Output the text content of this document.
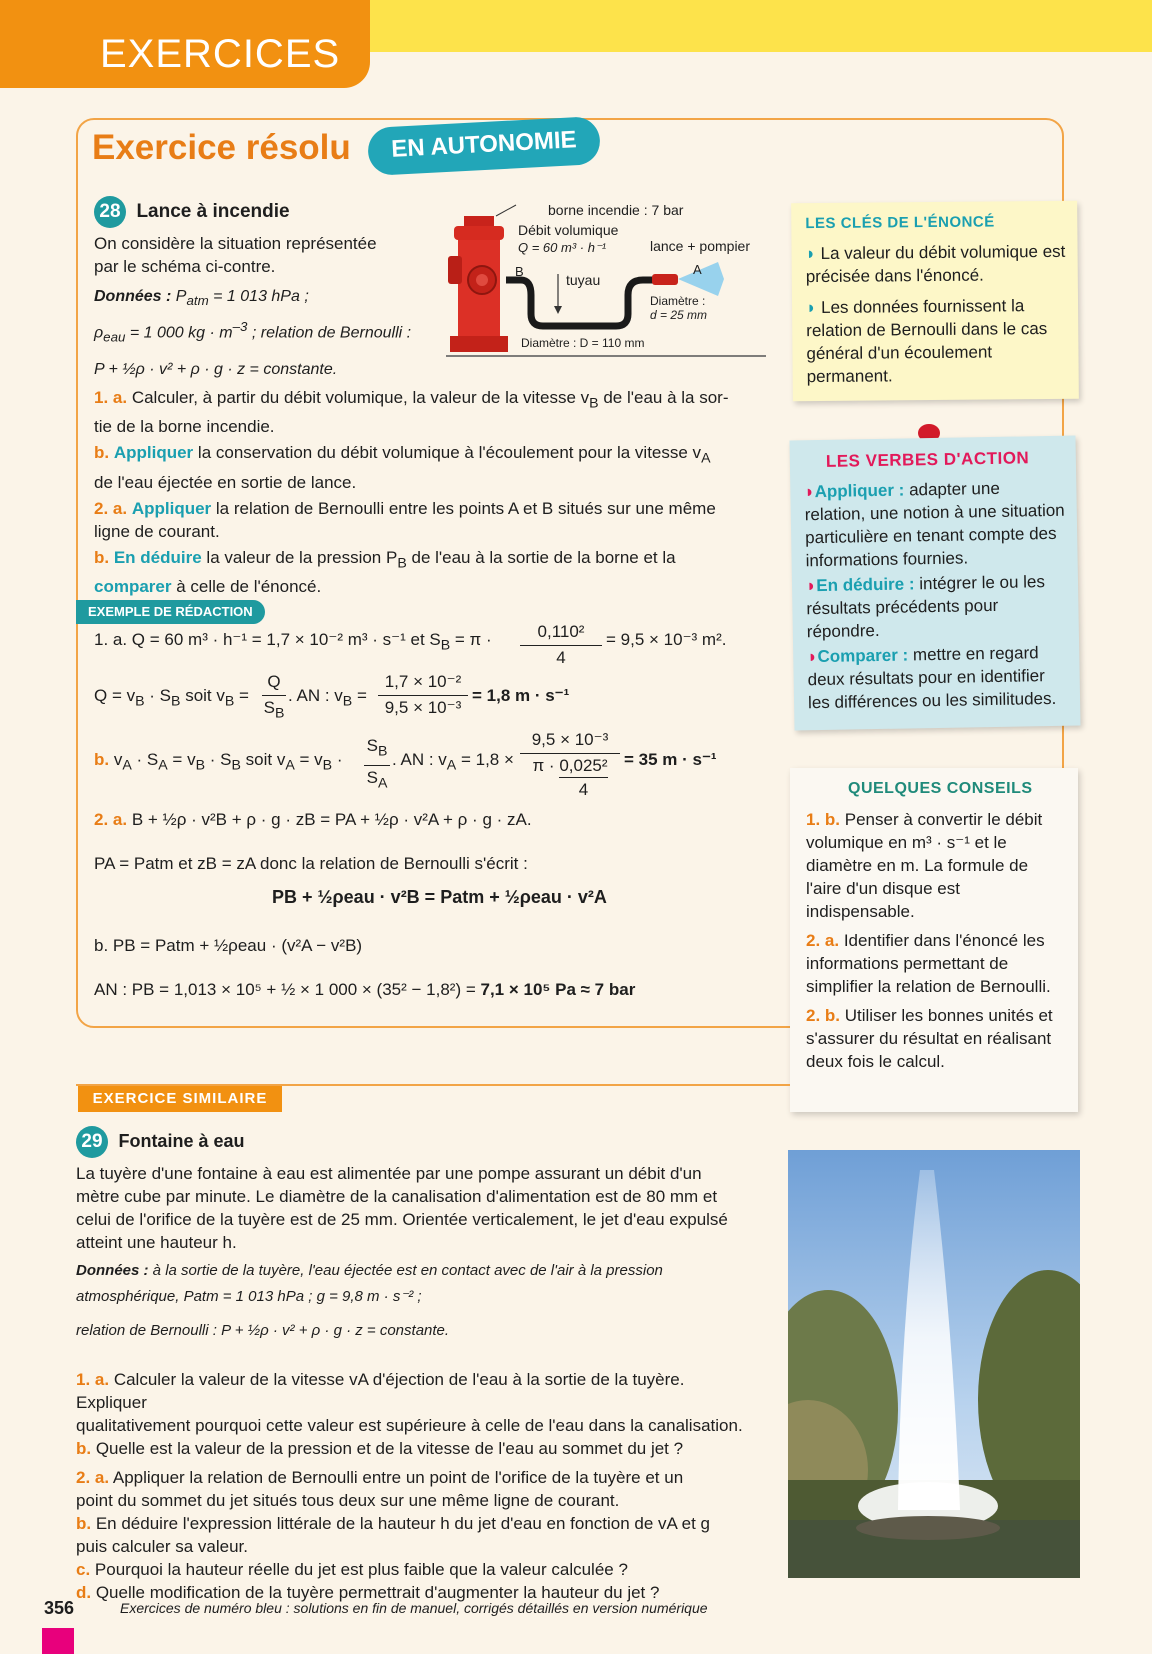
EXERCICES
Exercice résolu	EN AUTONOMIE
28 Lance à incendie
On considère la situation représentée
par le schéma ci-contre.
Données : $P_{atm} = 1$ 013 hPa ;
$\rho_{eau} = 1$ 000 kg · $m^{-3}$ ; relation de Bernoulli :
P + ½ρ · v² + ρ · g · z = constante.
borne incendie : 7 bar
Débit volumique
Q = 60 m³ · h⁻¹	lance + pompier
tuyau
B	A
Diamètre :
d = 25 mm
Diamètre : D = 110 mm
1. a. Calculer, à partir du débit volumique, la valeur de la vitesse $v_B$ de l'eau à la sor-
tie de la borne incendie.
b. Appliquer la conservation du débit volumique à l'écoulement pour la vitesse $v_A$
de l'eau éjectée en sortie de lance.
2. a. Appliquer la relation de Bernoulli entre les points A et B situés sur une même
ligne de courant.
b. En déduire la valeur de la pression $P_B$ de l'eau à la sortie de la borne et la
comparer à celle de l'énoncé.
EXEMPLE DE RÉDACTION
1. a. Q = 60 m³ · h⁻¹ = 1,7 × 10⁻² m³ · s⁻¹ et $S_B = \pi$ ·	0,110²
4
= 9,5 × 10⁻³ m².
$Q = v_B \cdot S_B$ soit $v_B$ =
Q
$S_B$
. AN : $v_B$ =
1,7 × 10⁻²
9,5 × 10⁻³
= 1,8 m · s⁻¹
b. $v_A \cdot S_A = v_B \cdot S_B$ soit $v_A = v_B$ ·
$S_B$
$S_A$
. AN : $v_A = 1,8$ ×
9,5 × 10⁻³
$\pi \cdot \frac{\text{0,025²}}{4} = 35$ m · s⁻¹
2. a. B + ½ρ · v²B + ρ · g · zB = PA + ½ρ · v²A + ρ · g · zA.
PA = Patm et zB = zA donc la relation de Bernoulli s'écrit :
PB + ½ρeau · v²B = Patm + ½ρeau · v²A
b. PB = Patm + ½ρeau · (v²A − v²B)
AN : PB = 1,013 × 10⁵ + ½ × 1 000 × (35² − 1,8²) = 7,1 × 10⁵ Pa ≈ 7 bar
LES CLÉS DE L'ÉNONCÉ
◗ La valeur du débit volumique est précisée dans l'énoncé.
◗ Les données fournissent la relation de Bernoulli dans le cas général d'un écoulement permanent.
LES VERBES D'ACTION
◗Appliquer : adapter une relation, une notion à une situation particulière en tenant compte des informations fournies.
◗En déduire : intégrer le ou les résultats précédents pour répondre.
◗Comparer : mettre en regard deux résultats pour en identifier les différences ou les similitudes.
QUELQUES CONSEILS
1. b. Penser à convertir le débit volumique en m³ · s⁻¹ et le diamètre en m. La formule de l'aire d'un disque est indispensable.
2. a. Identifier dans l'énoncé les informations permettant de simplifier la relation de Bernoulli.
2. b. Utiliser les bonnes unités et s'assurer du résultat en réalisant deux fois le calcul.
EXERCICE SIMILAIRE
29 Fontaine à eau
La tuyère d'une fontaine à eau est alimentée par une pompe assurant un débit d'un
mètre cube par minute. Le diamètre de la canalisation d'alimentation est de 80 mm et
celui de l'orifice de la tuyère est de 25 mm. Orientée verticalement, le jet d'eau expulsé
atteint une hauteur h.
Données : à la sortie de la tuyère, l'eau éjectée est en contact avec de l'air à la pression
atmosphérique, Patm = 1 013 hPa ; g = 9,8 m · s⁻² ;
relation de Bernoulli : P + ½ρ · v² + ρ · g · z = constante.
1. a. Calculer la valeur de la vitesse vA d'éjection de l'eau à la sortie de la tuyère. Expliquer
qualitativement pourquoi cette valeur est supérieure à celle de l'eau dans la canalisation.
b. Quelle est la valeur de la pression et de la vitesse de l'eau au sommet du jet ?
2. a. Appliquer la relation de Bernoulli entre un point de l'orifice de la tuyère et un
point du sommet du jet situés tous deux sur une même ligne de courant.
b. En déduire l'expression littérale de la hauteur h du jet d'eau en fonction de vA et g
puis calculer sa valeur.
c. Pourquoi la hauteur réelle du jet est plus faible que la valeur calculée ?
d. Quelle modification de la tuyère permettrait d'augmenter la hauteur du jet ?
356	Exercices de numéro bleu : solutions en fin de manuel, corrigés détaillés en version numérique
